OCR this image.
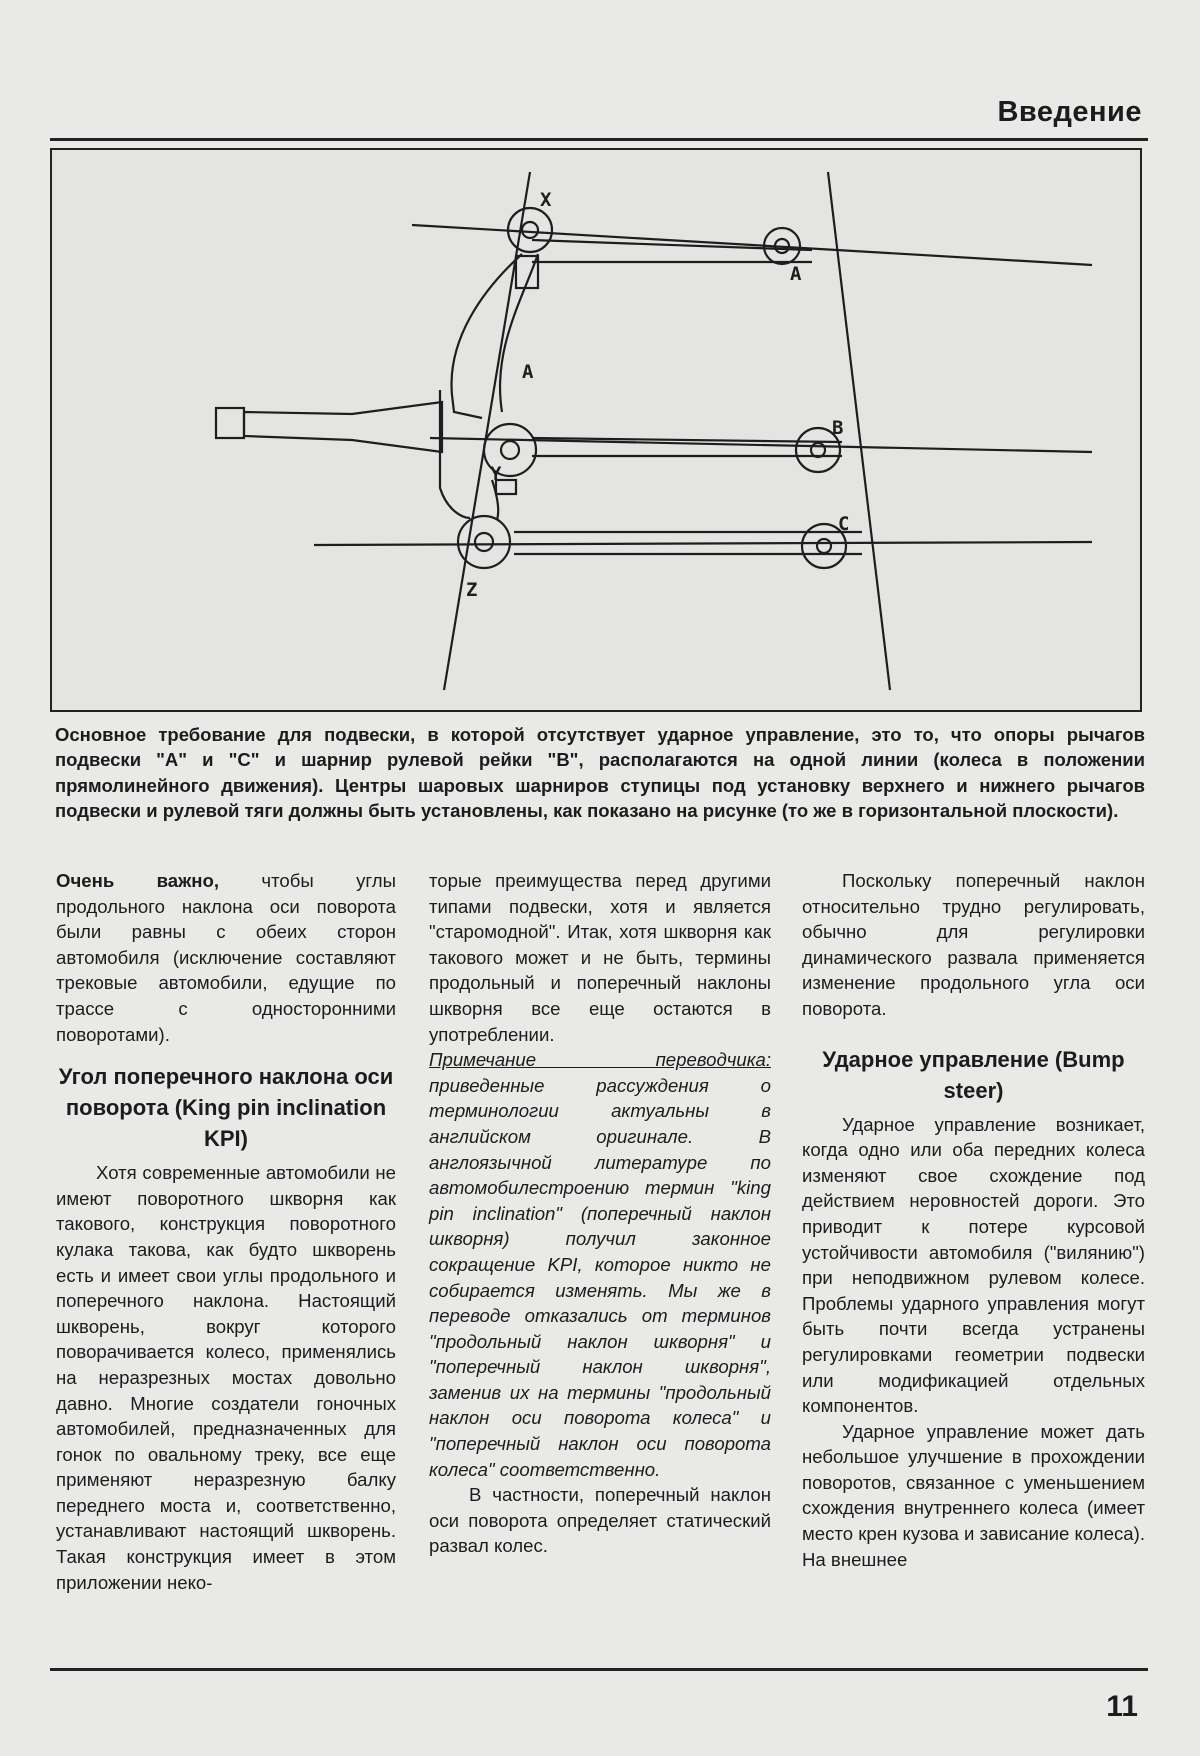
Введение
X
A
A
B
Y
C
Z
Основное требование для подвески, в которой отсутствует ударное управление, это то, что опоры рычагов подвески "А" и "С" и шарнир рулевой рейки "В", располагаются на одной линии (колеса в положении прямолинейного движения). Центры шаровых шарниров ступицы под установку верхнего и нижнего рычагов подвески и рулевой тяги должны быть установлены, как показано на рисунке (то же в горизонтальной плоскости).

Очень важно, чтобы углы продольного наклона оси поворота были равны с обеих сторон автомобиля (исключение составляют трековые автомобили, едущие по трассе с односторонними поворотами).

Угол поперечного наклона оси поворота (King pin inclination KPI)

Хотя современные автомобили не имеют поворотного шкворня как такового, конструкция поворотного кулака такова, как будто шкворень есть и имеет свои углы продольного и поперечного наклона. Настоящий шкворень, вокруг которого поворачивается колесо, применялись на неразрезных мостах довольно давно. Многие создатели гоночных автомобилей, предназначенных для гонок по овальному треку, все еще применяют неразрезную балку переднего моста и, соответственно, устанавливают настоящий шкворень. Такая конструкция имеет в этом приложении неко-

торые преимущества перед другими типами подвески, хотя и является "старомодной". Итак, хотя шкворня как такового может и не быть, термины продольный и поперечный наклоны шкворня все еще остаются в употреблении.

Примечание переводчика: приведенные рассуждения о терминологии актуальны в английском оригинале. В англоязычной литературе по автомобилестроению термин "king pin inclination" (поперечный наклон шкворня) получил законное сокращение KPI, которое никто не собирается изменять. Мы же в переводе отказались от терминов "продольный наклон шкворня" и "поперечный наклон шкворня", заменив их на термины "продольный наклон оси поворота колеса" и "поперечный наклон оси поворота колеса" соответственно.

В частности, поперечный наклон оси поворота определяет статический развал колес.

Поскольку поперечный наклон относительно трудно регулировать, обычно для регулировки динамического развала применяется изменение продольного угла оси поворота.

Ударное управление (Bump steer)

Ударное управление возникает, когда одно или оба передних колеса изменяют свое схождение под действием неровностей дороги. Это приводит к потере курсовой устойчивости автомобиля ("вилянию") при неподвижном рулевом колесе. Проблемы ударного управления могут быть почти всегда устранены регулировками геометрии подвески или модификацией отдельных компонентов.

Ударное управление может дать небольшое улучшение в прохождении поворотов, связанное с уменьшением схождения внутреннего колеса (имеет место крен кузова и зависание колеса). На внешнее

11
